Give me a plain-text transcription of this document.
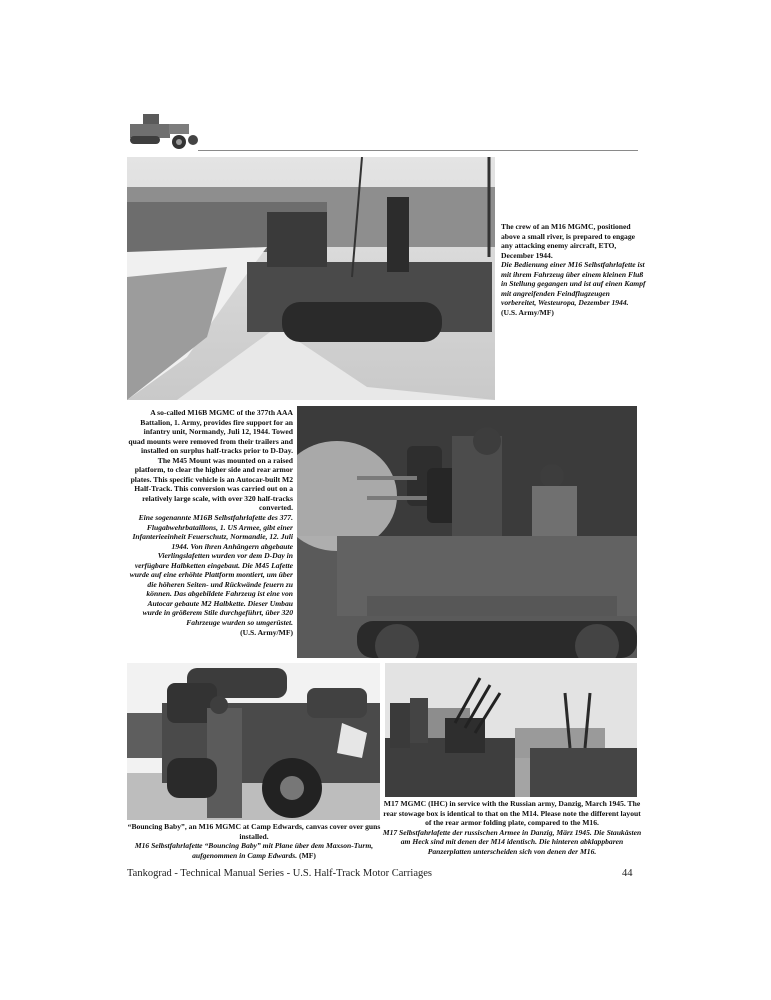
The crew of an M16 MGMC, positioned above a small river, is prepared to engage any attacking enemy aircraft, ETO, December 1944.

Die Bedienung einer M16 Selbstfahrlafette ist mit ihrem Fahrzeug über einem kleinen Fluß in Stellung gegangen und ist auf einen Kampf mit angreifenden Feindflugzeugen vorbereitet, Westeuropa, Dezember 1944.

(U.S. Army/MF)

A so-called M16B MGMC of the 377th AAA Battalion, 1. Army, provides fire support for an infantry unit, Normandy, Juli 12, 1944. Towed quad mounts were removed from their trailers and installed on surplus half-tracks prior to D-Day. The M45 Mount was mounted on a raised platform, to clear the higher side and rear armor plates. This specific vehicle is an Autocar-built M2 Half-Track. This conversion was carried out on a relatively large scale, with over 320 half-tracks converted.

Eine sogenannte M16B Selbstfahrlafette des 377. Flugabwehrbataillons, 1. US Armee, gibt einer Infanterieeinheit Feuerschutz, Normandie, 12. Juli 1944. Von ihren Anhängern abgebaute Vierlingslafetten wurden vor dem D-Day in verfügbare Halbketten eingebaut. Die M45 Lafette wurde auf eine erhöhte Plattform montiert, um über die höheren Seiten- und Rückwände feuern zu können. Das abgebildete Fahrzeug ist eine von Autocar gebaute M2 Halbkette. Dieser Umbau wurde in größerem Stile durchgeführt, über 320 Fahrzeuge wurden so umgerüstet.

(U.S. Army/MF)

“Bouncing Baby”, an M16 MGMC at Camp Edwards, canvas cover over guns installed.

M16 Selbstfahrlafette “Bouncing Baby” mit Plane über dem Maxson-Turm, aufgenommen in Camp Edwards. (MF)

M17 MGMC (IHC) in service with the Russian army, Danzig, March 1945. The rear stowage box is identical to that on the M14. Please note the different layout of the rear armor folding plate, compared to the M16.

M17 Selbstfahrlafette der russischen Armee in Danzig, März 1945. Die Staukästen am Heck sind mit denen der M14 identisch. Die hinteren abklappbaren Panzerplatten unterscheiden sich von denen der M16.

Tankograd - Technical Manual Series - U.S. Half-Track Motor Carriages	44
